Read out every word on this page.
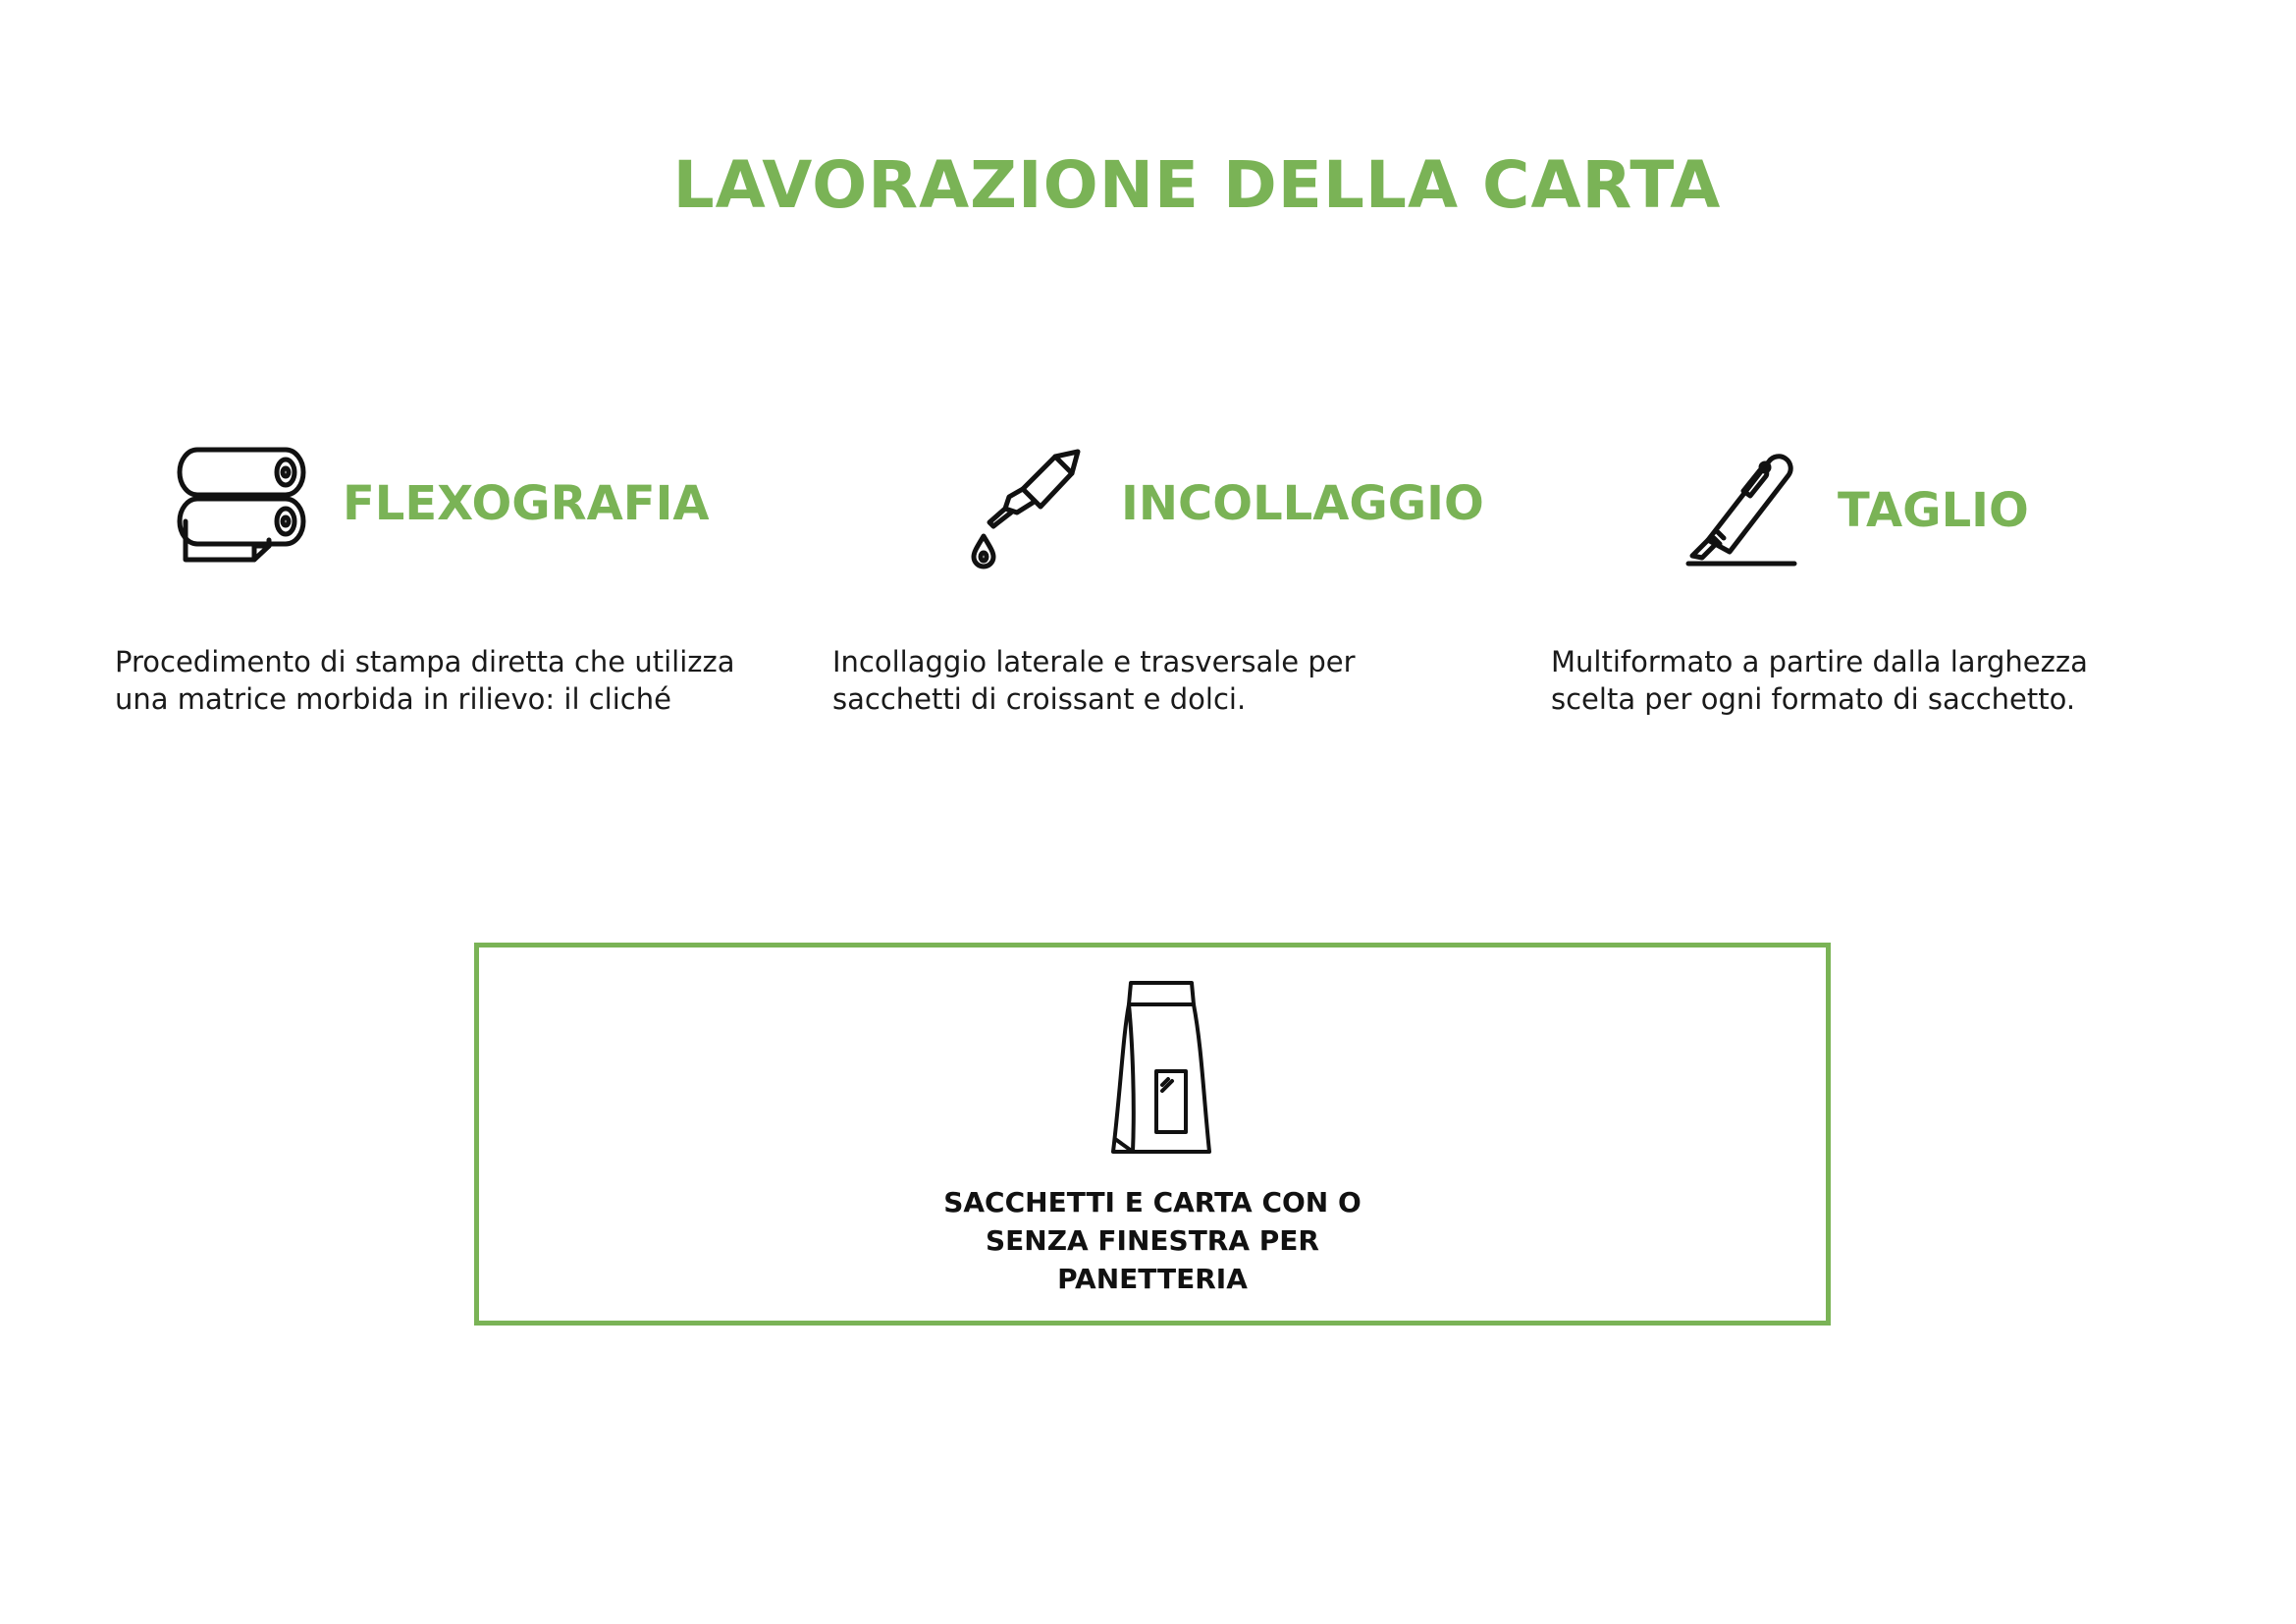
LAVORAZIONE DELLA CARTA
FLEXOGRAFIA

Procedimento di stampa diretta che utilizza
una matrice morbida in rilievo: il cliché

INCOLLAGGIO

Incollaggio laterale e trasversale per
sacchetti di croissant e dolci.

TAGLIO

Multiformato a partire dalla larghezza
scelta per ogni formato di sacchetto.

SACCHETTI E CARTA CON O
SENZA FINESTRA PER
PANETTERIA
